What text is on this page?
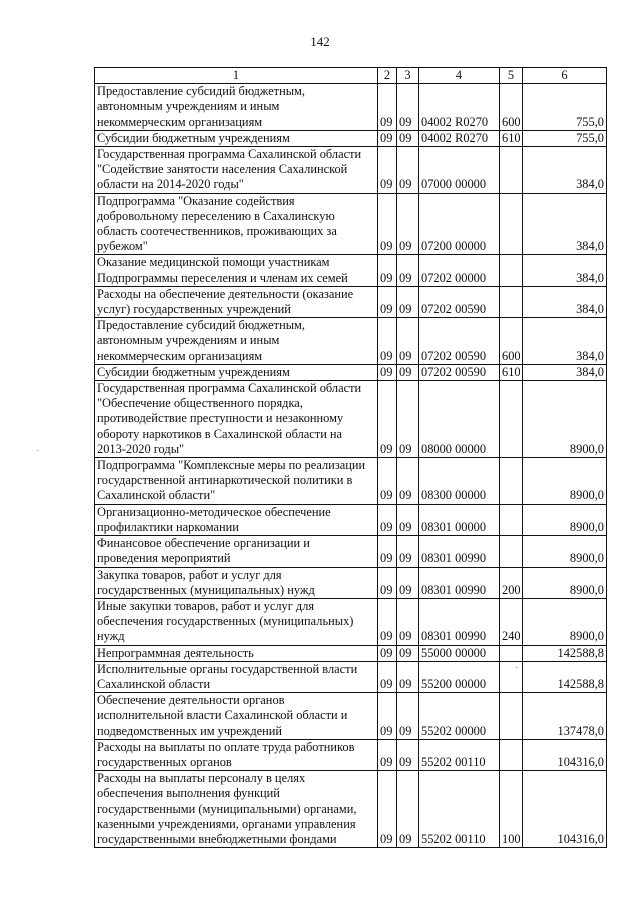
142
1	2	3	4	5	6
Предоставление субсидий бюджетным,
автономным учреждениям и иным
некоммерческим организациям	09	09	04002 R0270	600	755,0
Субсидии бюджетным учреждениям	09	09	04002 R0270	610	755,0
Государственная программа Сахалинской области
"Содействие занятости населения Сахалинской
области на 2014-2020 годы"	09	09	07000 00000		384,0
Подпрограмма "Оказание содействия
добровольному переселению в Сахалинскую
область соотечественников, проживающих за
рубежом"	09	09	07200 00000		384,0
Оказание медицинской помощи участникам
Подпрограммы переселения и членам их семей	09	09	07202 00000		384,0
Расходы на обеспечение деятельности (оказание
услуг) государственных учреждений	09	09	07202 00590		384,0
Предоставление субсидий бюджетным,
автономным учреждениям и иным
некоммерческим организациям	09	09	07202 00590	600	384,0
Субсидии бюджетным учреждениям	09	09	07202 00590	610	384,0
Государственная программа Сахалинской области
"Обеспечение общественного порядка,
противодействие преступности и незаконному
обороту наркотиков в Сахалинской области на
2013-2020 годы"	09	09	08000 00000		8900,0
Подпрограмма "Комплексные меры по реализации
государственной антинаркотической политики в
Сахалинской области"	09	09	08300 00000		8900,0
Организационно-методическое обеспечение
профилактики наркомании	09	09	08301 00000		8900,0
Финансовое обеспечение организации и
проведения мероприятий	09	09	08301 00990		8900,0
Закупка товаров, работ и услуг для
государственных (муниципальных) нужд	09	09	08301 00990	200	8900,0
Иные закупки товаров, работ и услуг для
обеспечения государственных (муниципальных)
нужд	09	09	08301 00990	240	8900,0
Непрограммная деятельность	09	09	55000 00000		142588,8
Исполнительные органы государственной власти
Сахалинской области	09	09	55200 00000		142588,8
Обеспечение деятельности органов
исполнительной власти Сахалинской области и
подведомственных им учреждений	09	09	55202 00000		137478,0
Расходы на выплаты по оплате труда работников
государственных органов	09	09	55202 00110		104316,0
Расходы на выплаты персоналу в целях
обеспечения выполнения функций
государственными (муниципальными) органами,
казенными учреждениями, органами управления
государственными внебюджетными фондами	09	09	55202 00110	100	104316,0
·
·
